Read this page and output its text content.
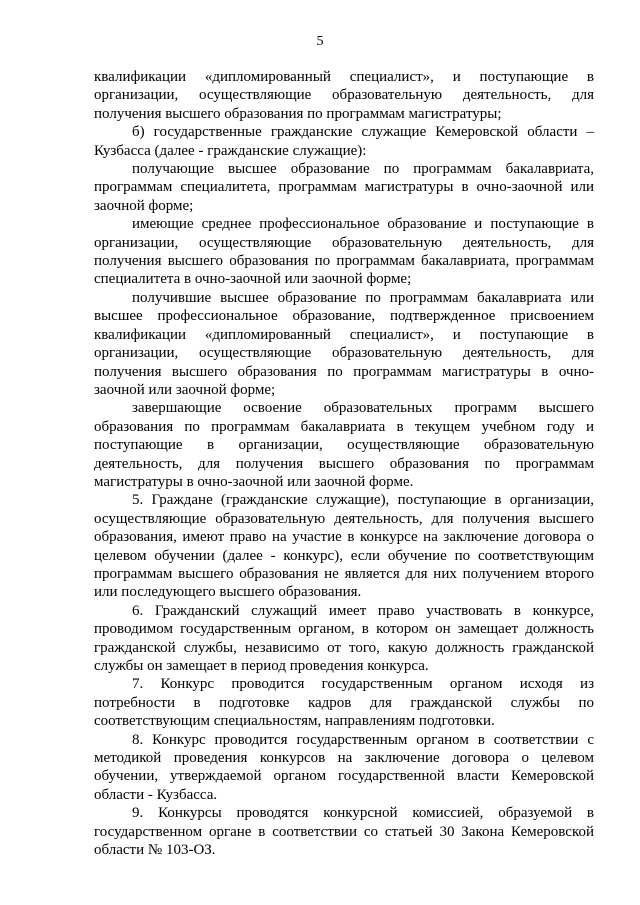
5

квалификации «дипломированный специалист», и поступающие в организации, осуществляющие образовательную деятельность, для получения высшего образования по программам магистратуры;

б) государственные гражданские служащие Кемеровской области – Кузбасса (далее - гражданские служащие):

получающие высшее образование по программам бакалавриата, программам специалитета, программам магистратуры в очно-заочной или заочной форме;

имеющие среднее профессиональное образование и поступающие в организации, осуществляющие образовательную деятельность, для получения высшего образования по программам бакалавриата, программам специалитета в очно-заочной или заочной форме;

получившие высшее образование по программам бакалавриата или высшее профессиональное образование, подтвержденное присвоением квалификации «дипломированный специалист», и поступающие в организации, осуществляющие образовательную деятельность, для получения высшего образования по программам магистратуры в очно-заочной или заочной форме;

завершающие освоение образовательных программ высшего образования по программам бакалавриата в текущем учебном году и поступающие в организации, осуществляющие образовательную деятельность, для получения высшего образования по программам магистратуры в очно-заочной или заочной форме.

5. Граждане (гражданские служащие), поступающие в организации, осуществляющие образовательную деятельность, для получения высшего образования, имеют право на участие в конкурсе на заключение договора о целевом обучении (далее - конкурс), если обучение по соответствующим программам высшего образования не является для них получением второго или последующего высшего образования.

6. Гражданский служащий имеет право участвовать в конкурсе, проводимом государственным органом, в котором он замещает должность гражданской службы, независимо от того, какую должность гражданской службы он замещает в период проведения конкурса.

7. Конкурс проводится государственным органом исходя из потребности в подготовке кадров для гражданской службы по соответствующим специальностям, направлениям подготовки.

8. Конкурс проводится государственным органом в соответствии с методикой проведения конкурсов на заключение договора о целевом обучении, утверждаемой органом государственной власти Кемеровской области - Кузбасса.

9. Конкурсы проводятся конкурсной комиссией, образуемой в государственном органе в соответствии со статьей 30 Закона Кемеровской области № 103-ОЗ.
